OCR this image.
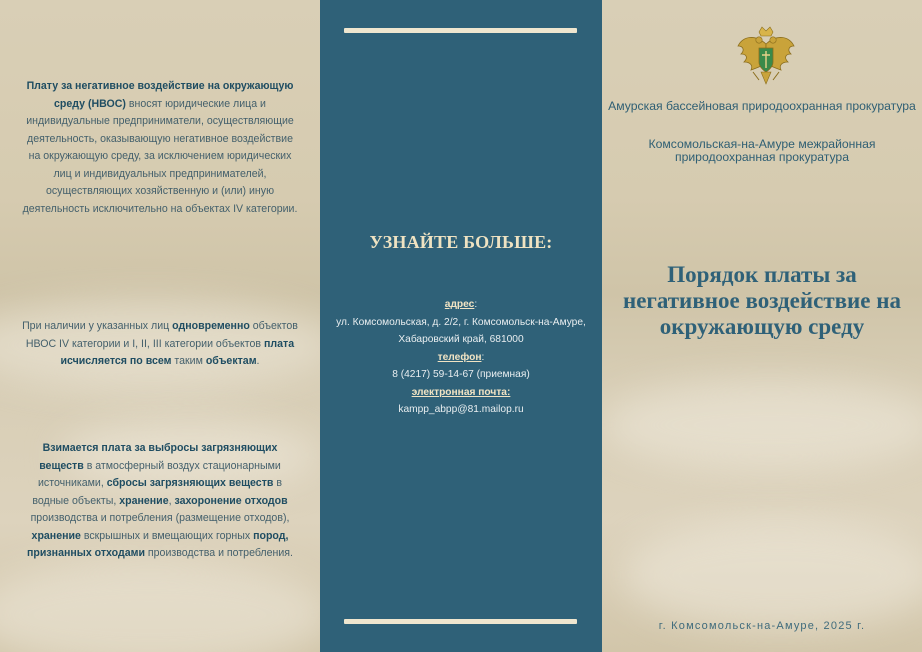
Плату за негативное воздействие на окружающую среду (НВОС) вносят юридические лица и индивидуальные предприниматели, осуществляющие деятельность, оказывающую негативное воздействие на окружающую среду, за исключением юридических лиц и индивидуальных предпринимателей, осуществляющих хозяйственную и (или) иную деятельность исключительно на объектах IV категории.
При наличии у указанных лиц одновременно объектов НВОС IV категории и I, II, III категории объектов плата исчисляется по всем таким объектам.
Взимается плата за выбросы загрязняющих веществ в атмосферный воздух стационарными источниками, сбросы загрязняющих веществ в водные объекты, хранение, захоронение отходов производства и потребления (размещение отходов), хранение вскрышных и вмещающих горных пород, признанных отходами производства и потребления.
УЗНАЙТЕ БОЛЬШЕ:
адрес:
ул. Комсомольская, д. 2/2, г. Комсомольск-на-Амуре, Хабаровский край, 681000
телефон:
8 (4217) 59-14-67 (приемная)
электронная почта:
kampp_abpp@81.mailop.ru
Амурская бассейновая природоохранная прокуратура
Комсомольская-на-Амуре межрайонная природоохранная прокуратура
Порядок платы за негативное воздействие на окружающую среду
г. Комсомольск-на-Амуре, 2025 г.
